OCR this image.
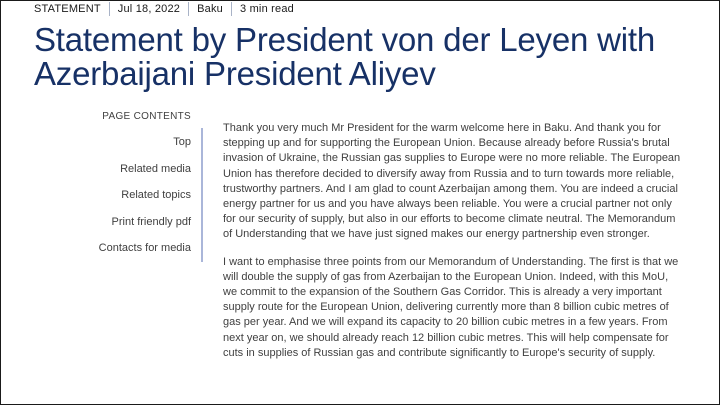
STATEMENT	Jul 18, 2022	Baku	3 min read
Statement by President von der Leyen with Azerbaijani President Aliyev
PAGE CONTENTS
Top
Related media
Related topics
Print friendly pdf
Contacts for media

Thank you very much Mr President for the warm welcome here in Baku. And thank you for stepping up and for supporting the European Union. Because already before Russia's brutal invasion of Ukraine, the Russian gas supplies to Europe were no more reliable. The European Union has therefore decided to diversify away from Russia and to turn towards more reliable, trustworthy partners. And I am glad to count Azerbaijan among them. You are indeed a crucial energy partner for us and you have always been reliable. You were a crucial partner not only for our security of supply, but also in our efforts to become climate neutral. The Memorandum of Understanding that we have just signed makes our energy partnership even stronger.

I want to emphasise three points from our Memorandum of Understanding. The first is that we will double the supply of gas from Azerbaijan to the European Union. Indeed, with this MoU, we commit to the expansion of the Southern Gas Corridor. This is already a very important supply route for the European Union, delivering currently more than 8 billion cubic metres of gas per year. And we will expand its capacity to 20 billion cubic metres in a few years. From next year on, we should already reach 12 billion cubic metres. This will help compensate for cuts in supplies of Russian gas and contribute significantly to Europe's security of supply.
